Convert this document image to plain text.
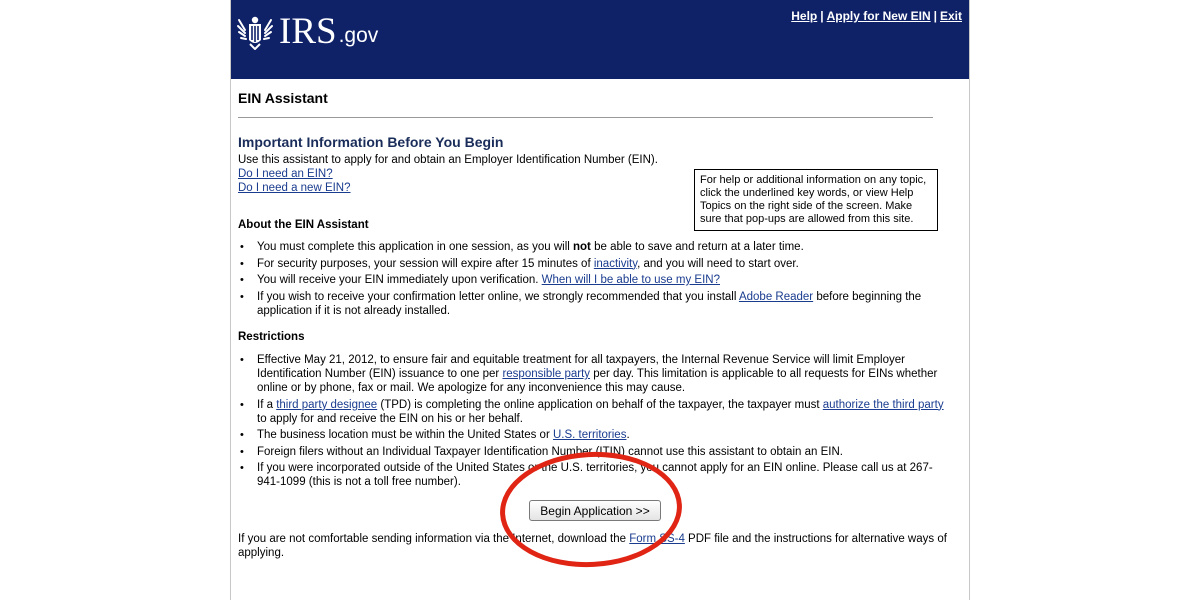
IRS .gov
Help | Apply for New EIN | Exit
EIN Assistant
Important Information Before You Begin
Use this assistant to apply for and obtain an Employer Identification Number (EIN).
Do I need an EIN?
Do I need a new EIN?
For help or additional information on any topic, click the underlined key words, or view Help Topics on the right side of the screen. Make sure that pop-ups are allowed from this site.
About the EIN Assistant
• You must complete this application in one session, as you will not be able to save and return at a later time.
• For security purposes, your session will expire after 15 minutes of inactivity, and you will need to start over.
• You will receive your EIN immediately upon verification. When will I be able to use my EIN?
• If you wish to receive your confirmation letter online, we strongly recommended that you install Adobe Reader before beginning the application if it is not already installed.
Restrictions
• Effective May 21, 2012, to ensure fair and equitable treatment for all taxpayers, the Internal Revenue Service will limit Employer Identification Number (EIN) issuance to one per responsible party per day. This limitation is applicable to all requests for EINs whether online or by phone, fax or mail. We apologize for any inconvenience this may cause.
• If a third party designee (TPD) is completing the online application on behalf of the taxpayer, the taxpayer must authorize the third party to apply for and receive the EIN on his or her behalf.
• The business location must be within the United States or U.S. territories.
• Foreign filers without an Individual Taxpayer Identification Number (ITIN) cannot use this assistant to obtain an EIN.
• If you were incorporated outside of the United States or the U.S. territories, you cannot apply for an EIN online. Please call us at 267-941-1099 (this is not a toll free number).
Begin Application >>
If you are not comfortable sending information via the Internet, download the Form SS-4 PDF file and the instructions for alternative ways of applying.
